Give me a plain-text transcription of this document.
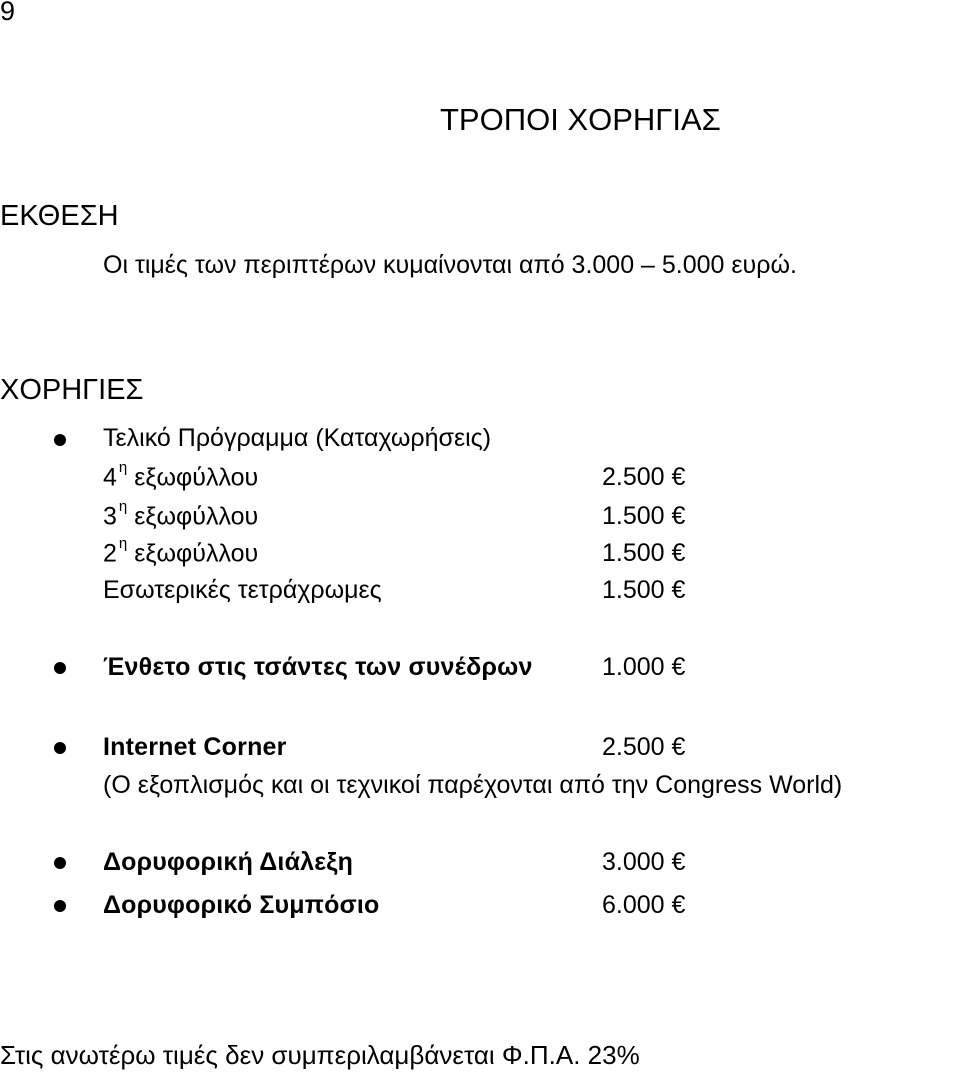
9
ΤΡΟΠΟΙ ΧΟΡΗΓΙΑΣ
ΕΚΘΕΣΗ
Οι τιμές των περιπτέρων κυμαίνονται από 3.000 – 5.000 ευρώ.
ΧΟΡΗΓΙΕΣ
Τελικό Πρόγραμμα (Καταχωρήσεις)
4 $^\eta$ εξωφύλλου	2.500 €
3 $^\eta$ εξωφύλλου	1.500 €
2 $^\eta$ εξωφύλλου	1.500 €
Εσωτερικές τετράχρωμες	1.500 €
Ένθετο στις τσάντες των συνέδρων	1.000 €
Internet Corner	2.500 €
(Ο εξοπλισμός και οι τεχνικοί παρέχονται από την Congress World)
Δορυφορική Διάλεξη	3.000 €
Δορυφορικό Συμπόσιο	6.000 €
Στις ανωτέρω τιμές δεν συμπεριλαμβάνεται Φ.Π.Α. 23%
